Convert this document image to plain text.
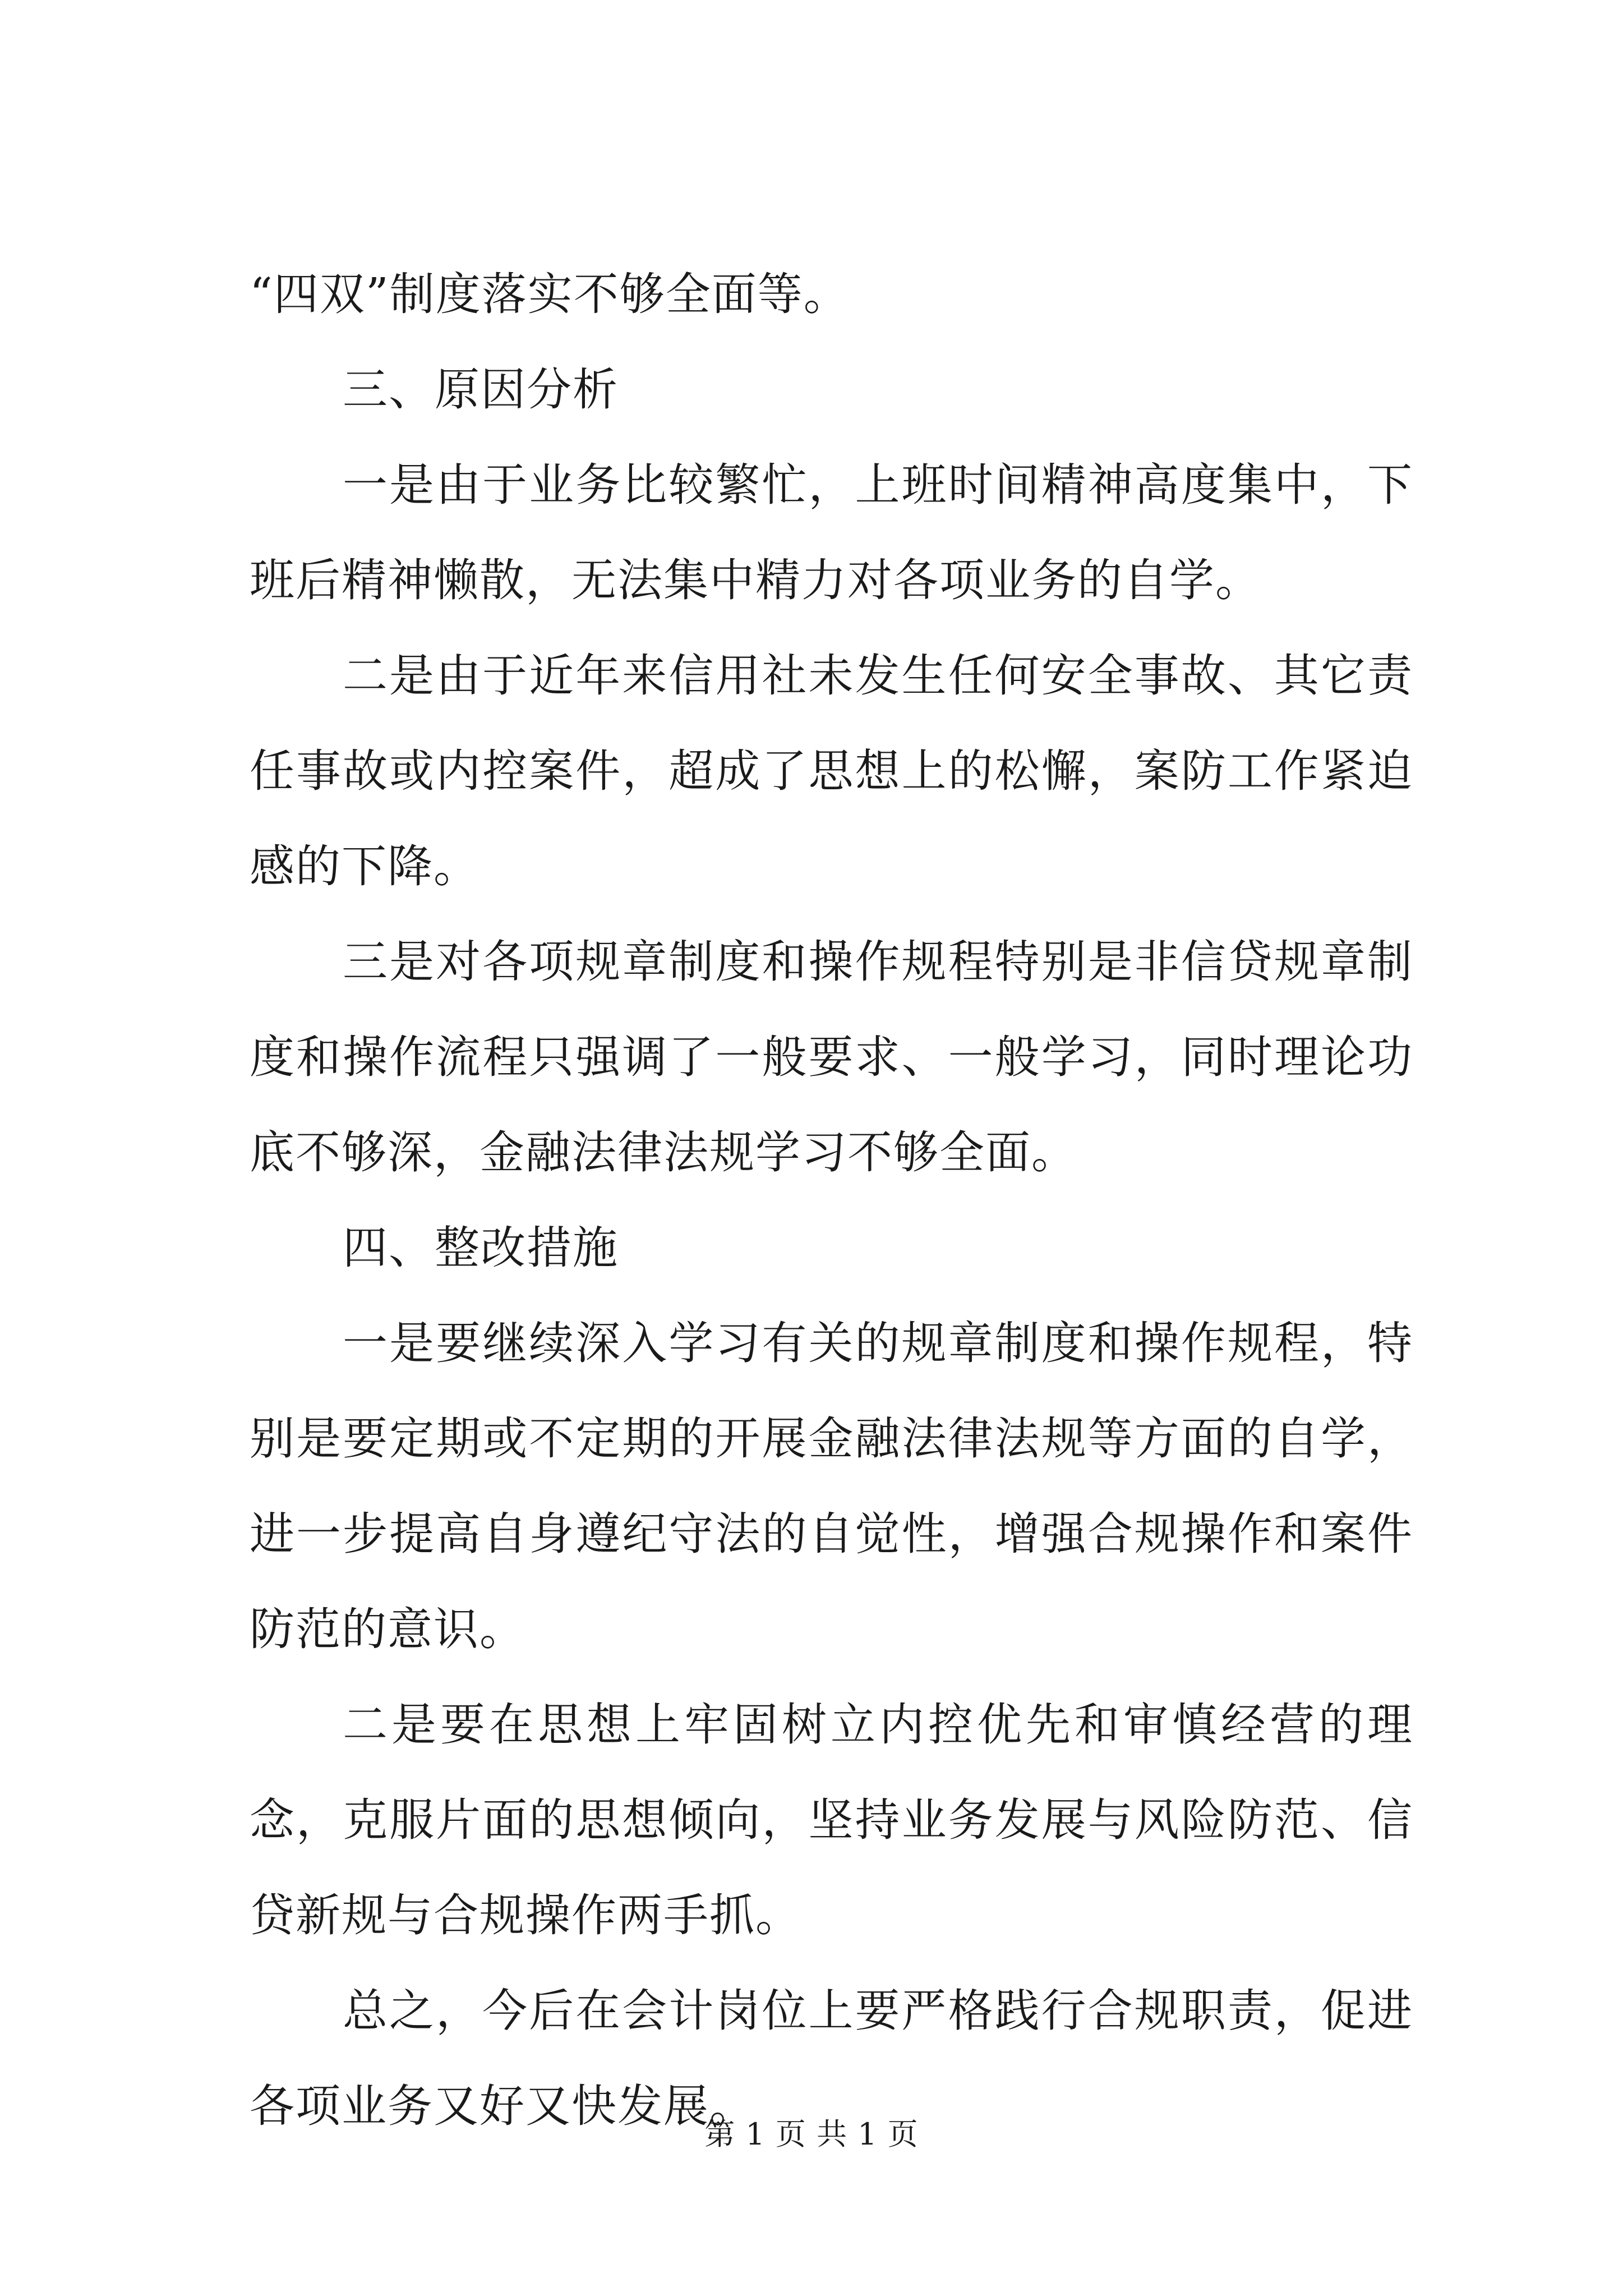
“四双”制度落实不够全面等。

三、原因分析

一是由于业务比较繁忙，上班时间精神高度集中，下班后精神懒散，无法集中精力对各项业务的自学。

二是由于近年来信用社未发生任何安全事故、其它责任事故或内控案件，超成了思想上的松懈，案防工作紧迫感的下降。

三是对各项规章制度和操作规程特别是非信贷规章制度和操作流程只强调了一般要求、一般学习，同时理论功底不够深，金融法律法规学习不够全面。

四、整改措施

一是要继续深入学习有关的规章制度和操作规程，特别是要定期或不定期的开展金融法律法规等方面的自学，进一步提高自身遵纪守法的自觉性，增强合规操作和案件防范的意识。

二是要在思想上牢固树立内控优先和审慎经营的理念，克服片面的思想倾向，坚持业务发展与风险防范、信贷新规与合规操作两手抓。

总之，今后在会计岗位上要严格践行合规职责，促进各项业务又好又快发展。

第 1 页 共 1 页
